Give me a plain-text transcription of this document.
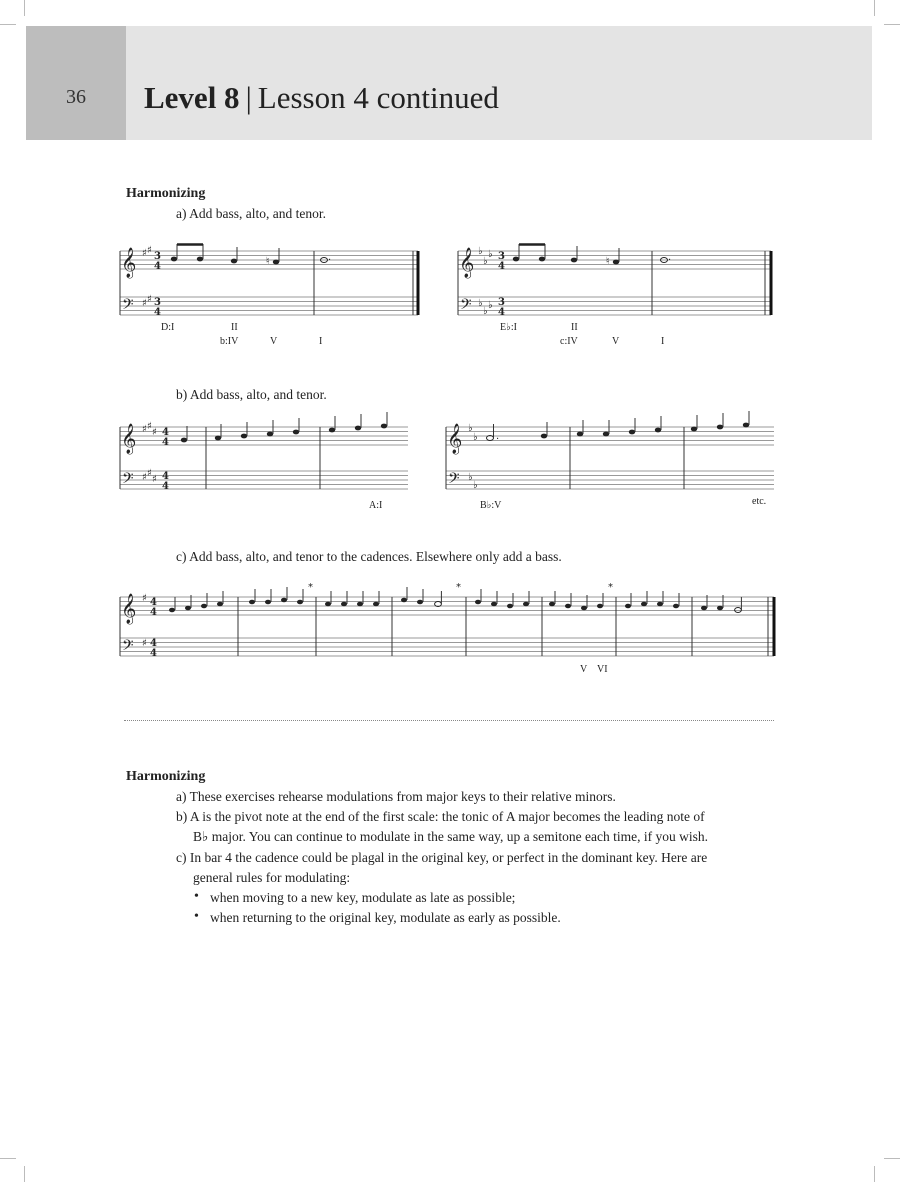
36	Level 8 | Lesson 4 continued
Harmonizing
a) Add bass, alto, and tenor.
𝄞
𝄢
♯ ♯
♯ ♯
3
4
3
4
♮	.
D:I	II
b:IV	V	I
𝄞
𝄢
♭
♭
♭
♭
♭
♭
3
4
3
4
♮	.
E♭:I	II
c:IV	V	I
b) Add bass, alto, and tenor.
𝄞
𝄢
♯ ♯
♯
♯ ♯
♯
4
4
4
4
A:I
𝄞
𝄢
♭
♭
♭
♭
.
B♭:V	etc.
c) Add bass, alto, and tenor to the cadences. Elsewhere only add a bass.
𝄞
𝄢
♯
♯
4
4
4
4
*	*	*
V VI
Harmonizing
a) These exercises rehearse modulations from major keys to their relative minors.
b) A is the pivot note at the end of the first scale: the tonic of A major becomes the leading note of
B♭ major. You can continue to modulate in the same way, up a semitone each time, if you wish.
c) In bar 4 the cadence could be plagal in the original key, or perfect in the dominant key. Here are
general rules for modulating:
• when moving to a new key, modulate as late as possible;
• when returning to the original key, modulate as early as possible.
